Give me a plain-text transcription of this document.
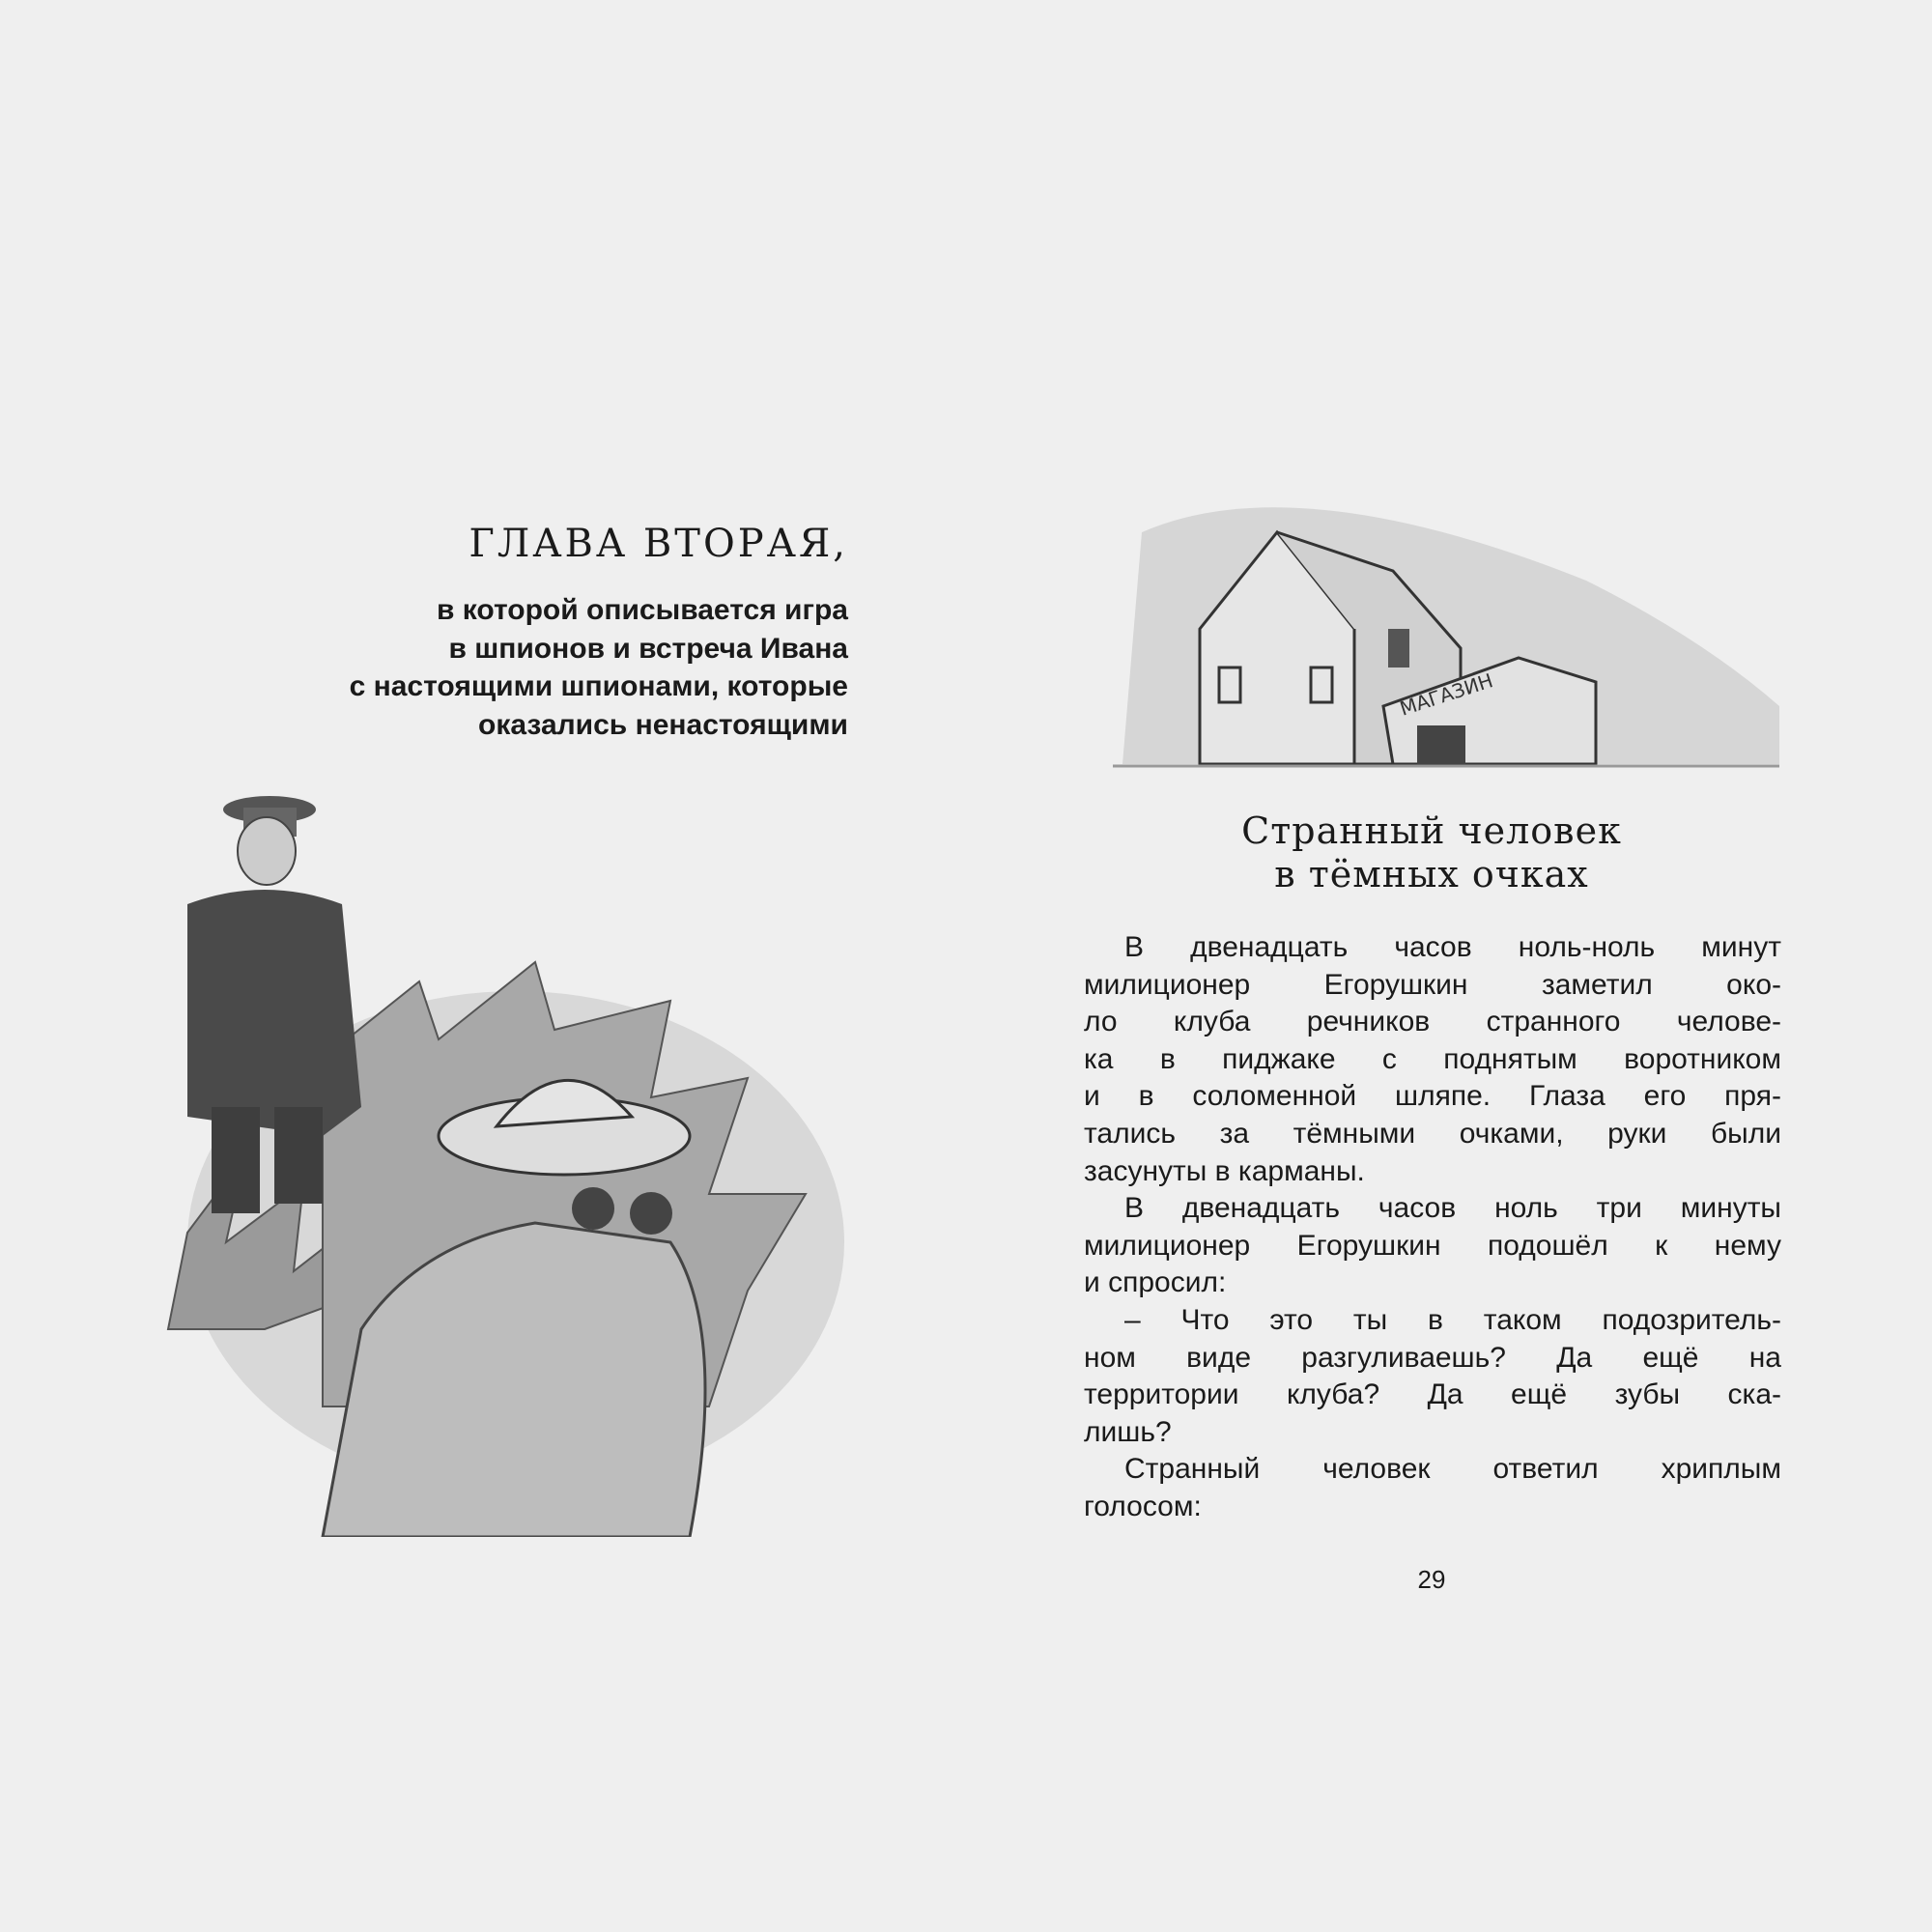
ГЛАВА ВТОРАЯ,
в которой описывается игра
в шпионов и встреча Ивана
с настоящими шпионами, которые
оказались ненастоящими
МАГАЗИН
Странный человек
в тёмных очках
В двенадцать часов ноль-ноль минут
милиционер Егорушкин заметил око-
ло клуба речников странного челове-
ка в пиджаке с поднятым воротником
и в соломенной шляпе. Глаза его пря-
тались за тёмными очками, руки были
засунуты в карманы.
В двенадцать часов ноль три минуты
милиционер Егорушкин подошёл к нему
и спросил:
– Что это ты в таком подозритель-
ном виде разгуливаешь? Да ещё на
территории клуба? Да ещё зубы ска-
лишь?
Странный человек ответил хриплым
голосом:
29
